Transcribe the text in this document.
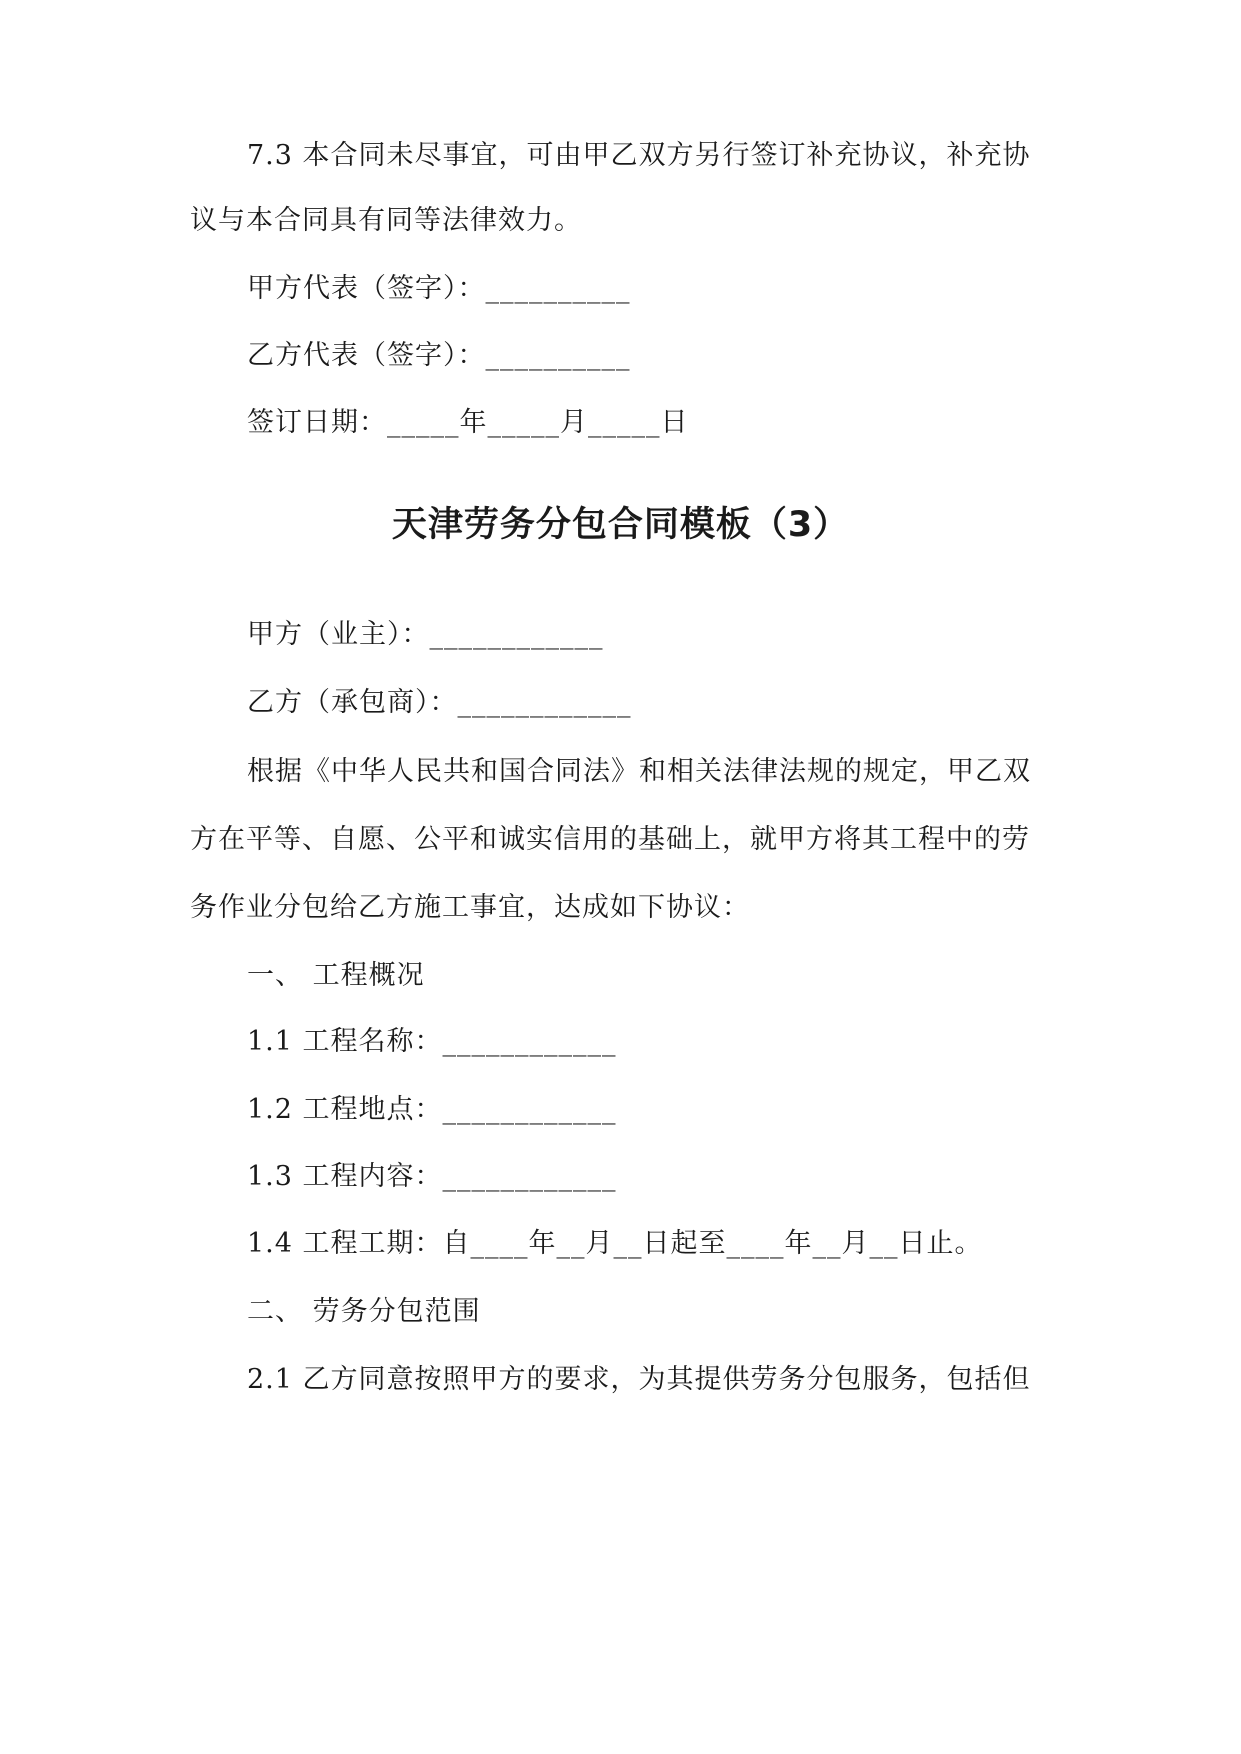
7.3 本合同未尽事宜，可由甲乙双方另行签订补充协议，补充协
议与本合同具有同等法律效力。
甲方代表（签字）：__________
乙方代表（签字）：__________
签订日期：_____年_____月_____日
天津劳务分包合同模板（3）
甲方（业主）：____________
乙方（承包商）：____________
根据《中华人民共和国合同法》和相关法律法规的规定，甲乙双
方在平等、自愿、公平和诚实信用的基础上，就甲方将其工程中的劳
务作业分包给乙方施工事宜，达成如下协议：
一、 工程概况
1.1 工程名称：____________
1.2 工程地点：____________
1.3 工程内容：____________
1.4 工程工期：自____年__月__日起至____年__月__日止。
二、 劳务分包范围
2.1 乙方同意按照甲方的要求，为其提供劳务分包服务，包括但
